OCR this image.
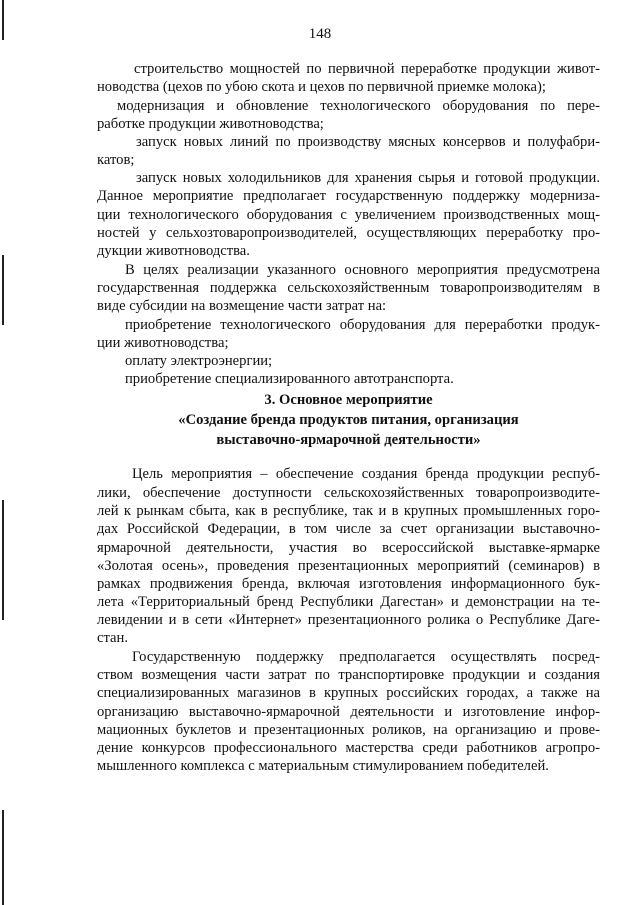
148
строительство мощностей по первичной переработке продукции живот-
новодства (цехов по убою скота и цехов по первичной приемке молока);
модернизация и обновление технологического оборудования по пере-
работке продукции животноводства;
запуск новых линий по производству мясных консервов и полуфабри-
катов;
запуск новых холодильников для хранения сырья и готовой продукции.
Данное мероприятие предполагает государственную поддержку модерниза-
ции технологического оборудования с увеличением производственных мощ-
ностей у сельхозтоваропроизводителей, осуществляющих переработку про-
дукции животноводства.
В целях реализации указанного основного мероприятия предусмотрена
государственная поддержка сельскохозяйственным товаропроизводителям в
виде субсидии на возмещение части затрат на:
приобретение технологического оборудования для переработки продук-
ции животноводства;
оплату электроэнергии;
приобретение специализированного автотранспорта.
3. Основное мероприятие
«Создание бренда продуктов питания, организация
выставочно-ярмарочной деятельности»
Цель мероприятия – обеспечение создания бренда продукции респуб-
лики, обеспечение доступности сельскохозяйственных товаропроизводите-
лей к рынкам сбыта, как в республике, так и в крупных промышленных горо-
дах Российской Федерации, в том числе за счет организации выставочно-
ярмарочной деятельности, участия во всероссийской выставке-ярмарке
«Золотая осень», проведения презентационных мероприятий (семинаров) в
рамках продвижения бренда, включая изготовления информационного бук-
лета «Территориальный бренд Республики Дагестан» и демонстрации на те-
левидении и в сети «Интернет» презентационного ролика о Республике Даге-
стан.
Государственную поддержку предполагается осуществлять посред-
ством возмещения части затрат по транспортировке продукции и создания
специализированных магазинов в крупных российских городах, а также на
организацию выставочно-ярмарочной деятельности и изготовление инфор-
мационных буклетов и презентационных роликов, на организацию и прове-
дение конкурсов профессионального мастерства среди работников агропро-
мышленного комплекса с материальным стимулированием победителей.
